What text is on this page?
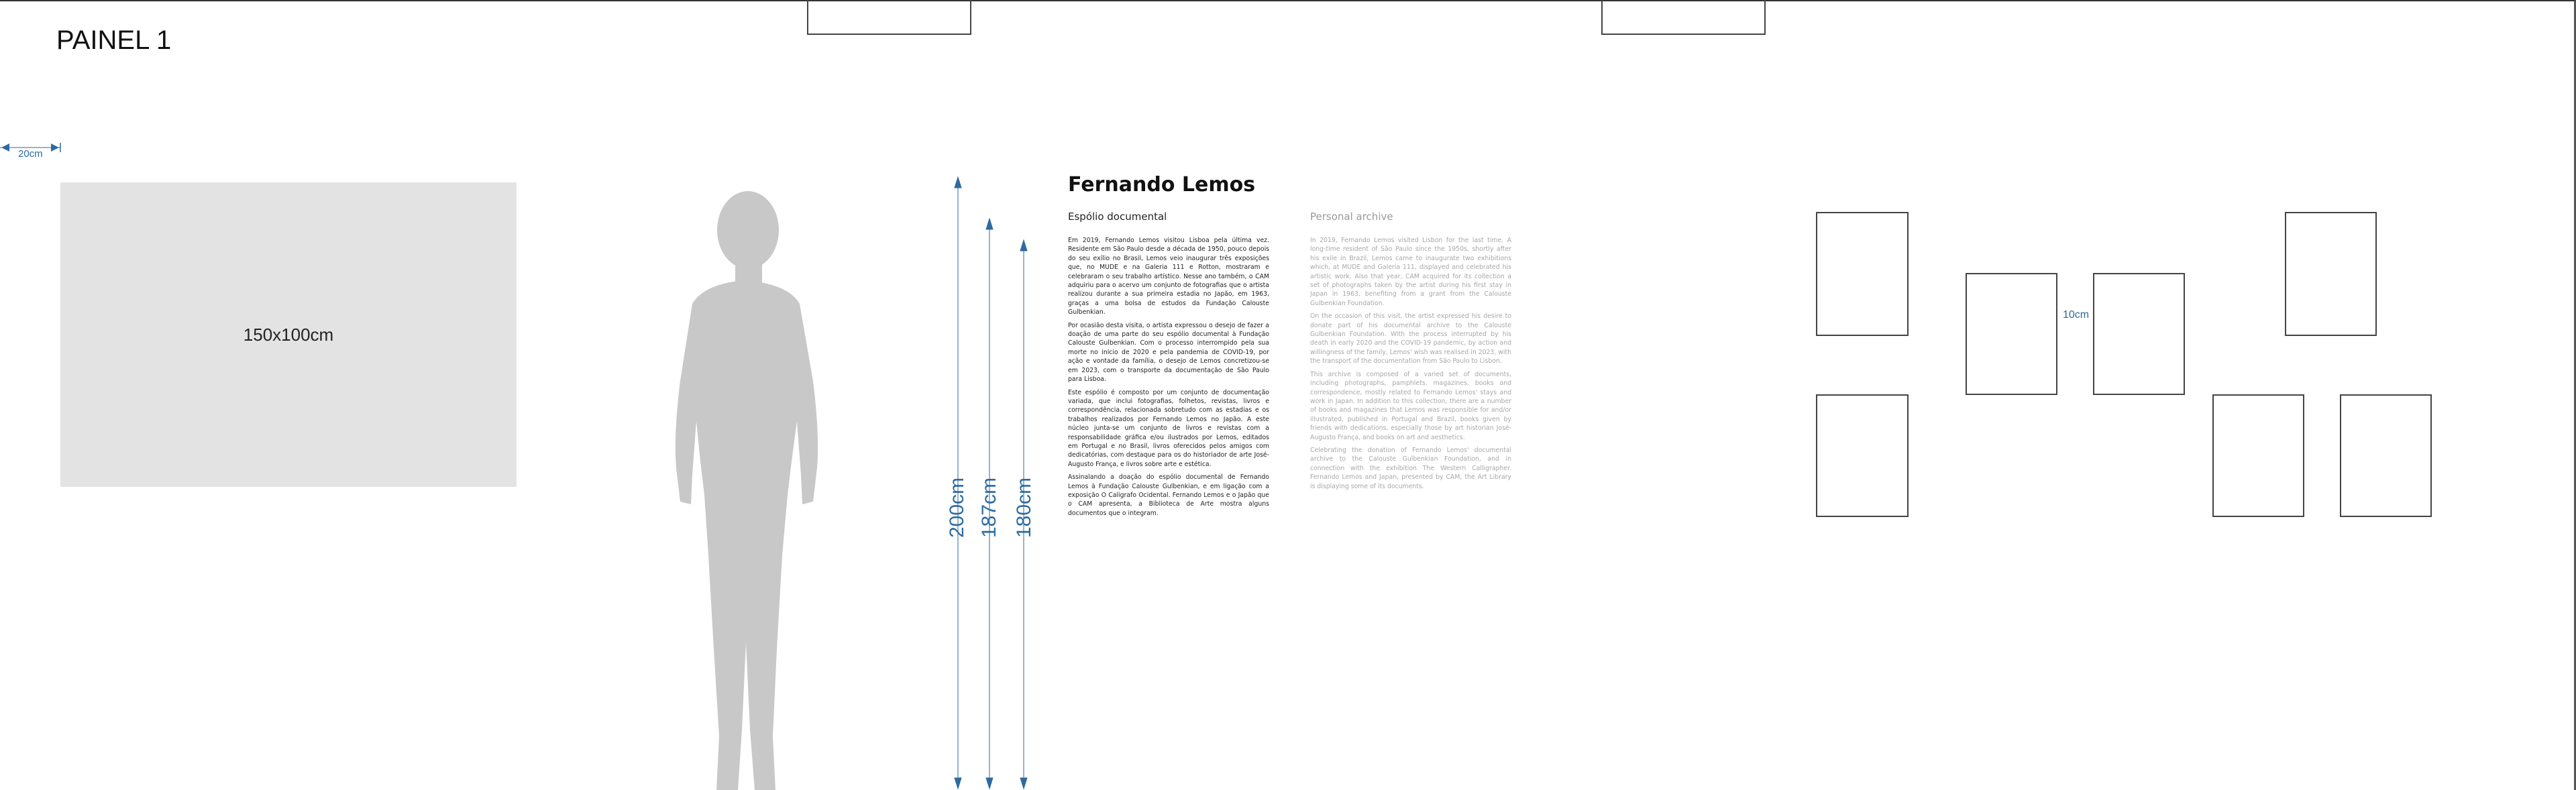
PAINEL 1
20cm
150x100cm
200cm 187cm 180cm
Fernando Lemos
Espólio documental	Personal archive

Em 2019, Fernando Lemos visitou Lisboa pela última vez. Residente em São Paulo desde a década de 1950, pouco depois do seu exílio no Brasil, Lemos veio inaugurar três exposições que, no MUDE e na Galeria 111 e Rotton, mostraram e celebraram o seu trabalho artístico. Nesse ano também, o CAM adquiriu para o acervo um conjunto de fotografias que o artista realizou durante a sua primeira estadia no Japão, em 1963, graças a uma bolsa de estudos da Fundação Calouste Gulbenkian.

Por ocasião desta visita, o artista expressou o desejo de fazer a doação de uma parte do seu espólio documental à Fundação Calouste Gulbenkian. Com o processo interrompido pela sua morte no início de 2020 e pela pandemia de COVID-19, por ação e vontade da família, o desejo de Lemos concretizou-se em 2023, com o transporte da documentação de São Paulo para Lisboa.

Este espólio é composto por um conjunto de documentação variada, que inclui fotografias, folhetos, revistas, livros e correspondência, relacionada sobretudo com as estadias e os trabalhos realizados por Fernando Lemos no Japão. A este núcleo junta-se um conjunto de livros e revistas com a responsabilidade gráfica e/ou ilustrados por Lemos, editados em Portugal e no Brasil, livros oferecidos pelos amigos com dedicatórias, com destaque para os do historiador de arte José-Augusto França, e livros sobre arte e estética.

Assinalando a doação do espólio documental de Fernando Lemos à Fundação Calouste Gulbenkian, e em ligação com a exposição O Caligrafo Ocidental. Fernando Lemos e o Japão que o CAM apresenta, a Biblioteca de Arte mostra alguns documentos que o integram.

In 2019, Fernando Lemos visited Lisbon for the last time. A long-time resident of São Paulo since the 1950s, shortly after his exile in Brazil, Lemos came to inaugurate two exhibitions which, at MUDE and Galeria 111, displayed and celebrated his artistic work. Also that year, CAM acquired for its collection a set of photographs taken by the artist during his first stay in Japan in 1963, benefiting from a grant from the Calouste Gulbenkian Foundation.

On the occasion of this visit, the artist expressed his desire to donate part of his documental archive to the Calouste Gulbenkian Foundation. With the process interrupted by his death in early 2020 and the COVID-19 pandemic, by action and willingness of the family, Lemos' wish was realised in 2023, with the transport of the documentation from São Paulo to Lisbon.

This archive is composed of a varied set of documents, including photographs, pamphlets, magazines, books and correspondence, mostly related to Fernando Lemos' stays and work in Japan. In addition to this collection, there are a number of books and magazines that Lemos was responsible for and/or illustrated, published in Portugal and Brazil, books given by friends with dedications, especially those by art historian José-Augusto França, and books on art and aesthetics.

Celebrating the donation of Fernando Lemos' documental archive to the Calouste Gulbenkian Foundation, and in connection with the exhibition The Western Calligrapher. Fernando Lemos and Japan, presented by CAM, the Art Library is displaying some of its documents.

10cm
